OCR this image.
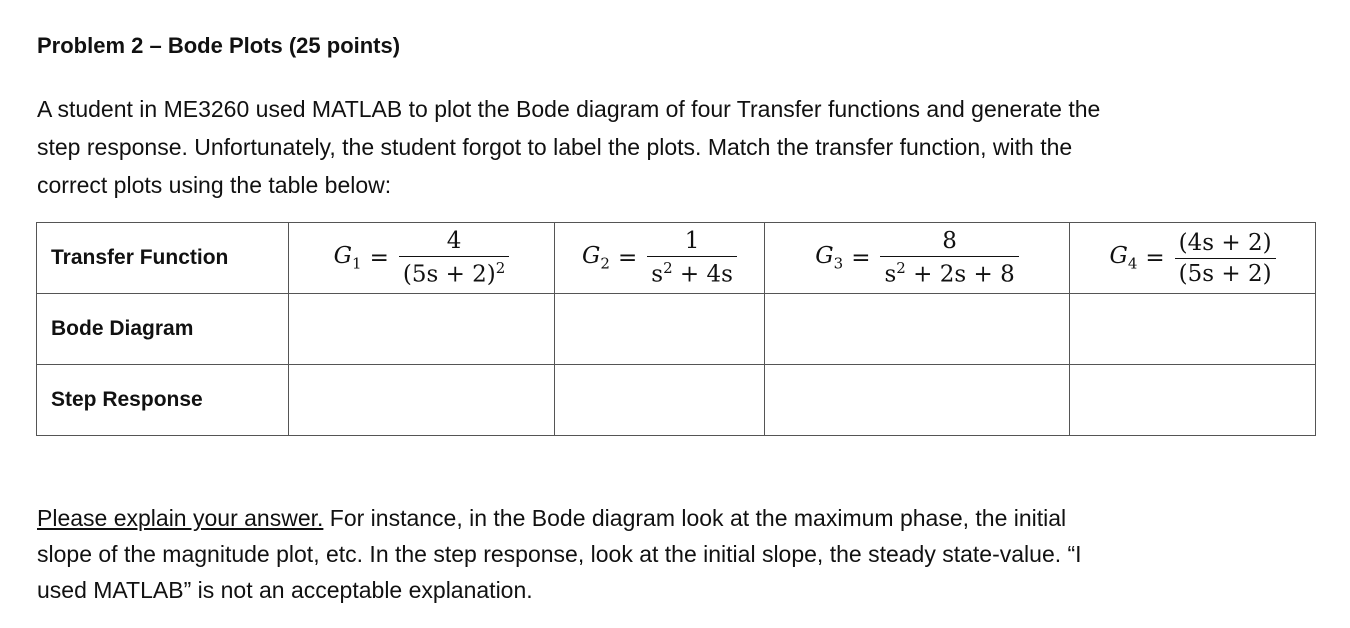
Problem 2 – Bode Plots (25 points)
A student in ME3260 used MATLAB to plot the Bode diagram of four Transfer functions and generate the
step response. Unfortunately, the student forgot to label the plots. Match the transfer function, with the
correct plots using the table below:
Transfer Function	$G_1 = \frac{4}{(5s + 2)^2}$	$G_2 = \frac{1}{s^2 + 4s}$	$G_3 = \frac{8}{s^2 + 2s + 8}$	$G_4 = \frac{(4s + 2)}{(5s + 2)}$

Bode Diagram				
Step Response				
Please explain your answer. For instance, in the Bode diagram look at the maximum phase, the initial
slope of the magnitude plot, etc. In the step response, look at the initial slope, the steady state-value. “I
used MATLAB” is not an acceptable explanation.
